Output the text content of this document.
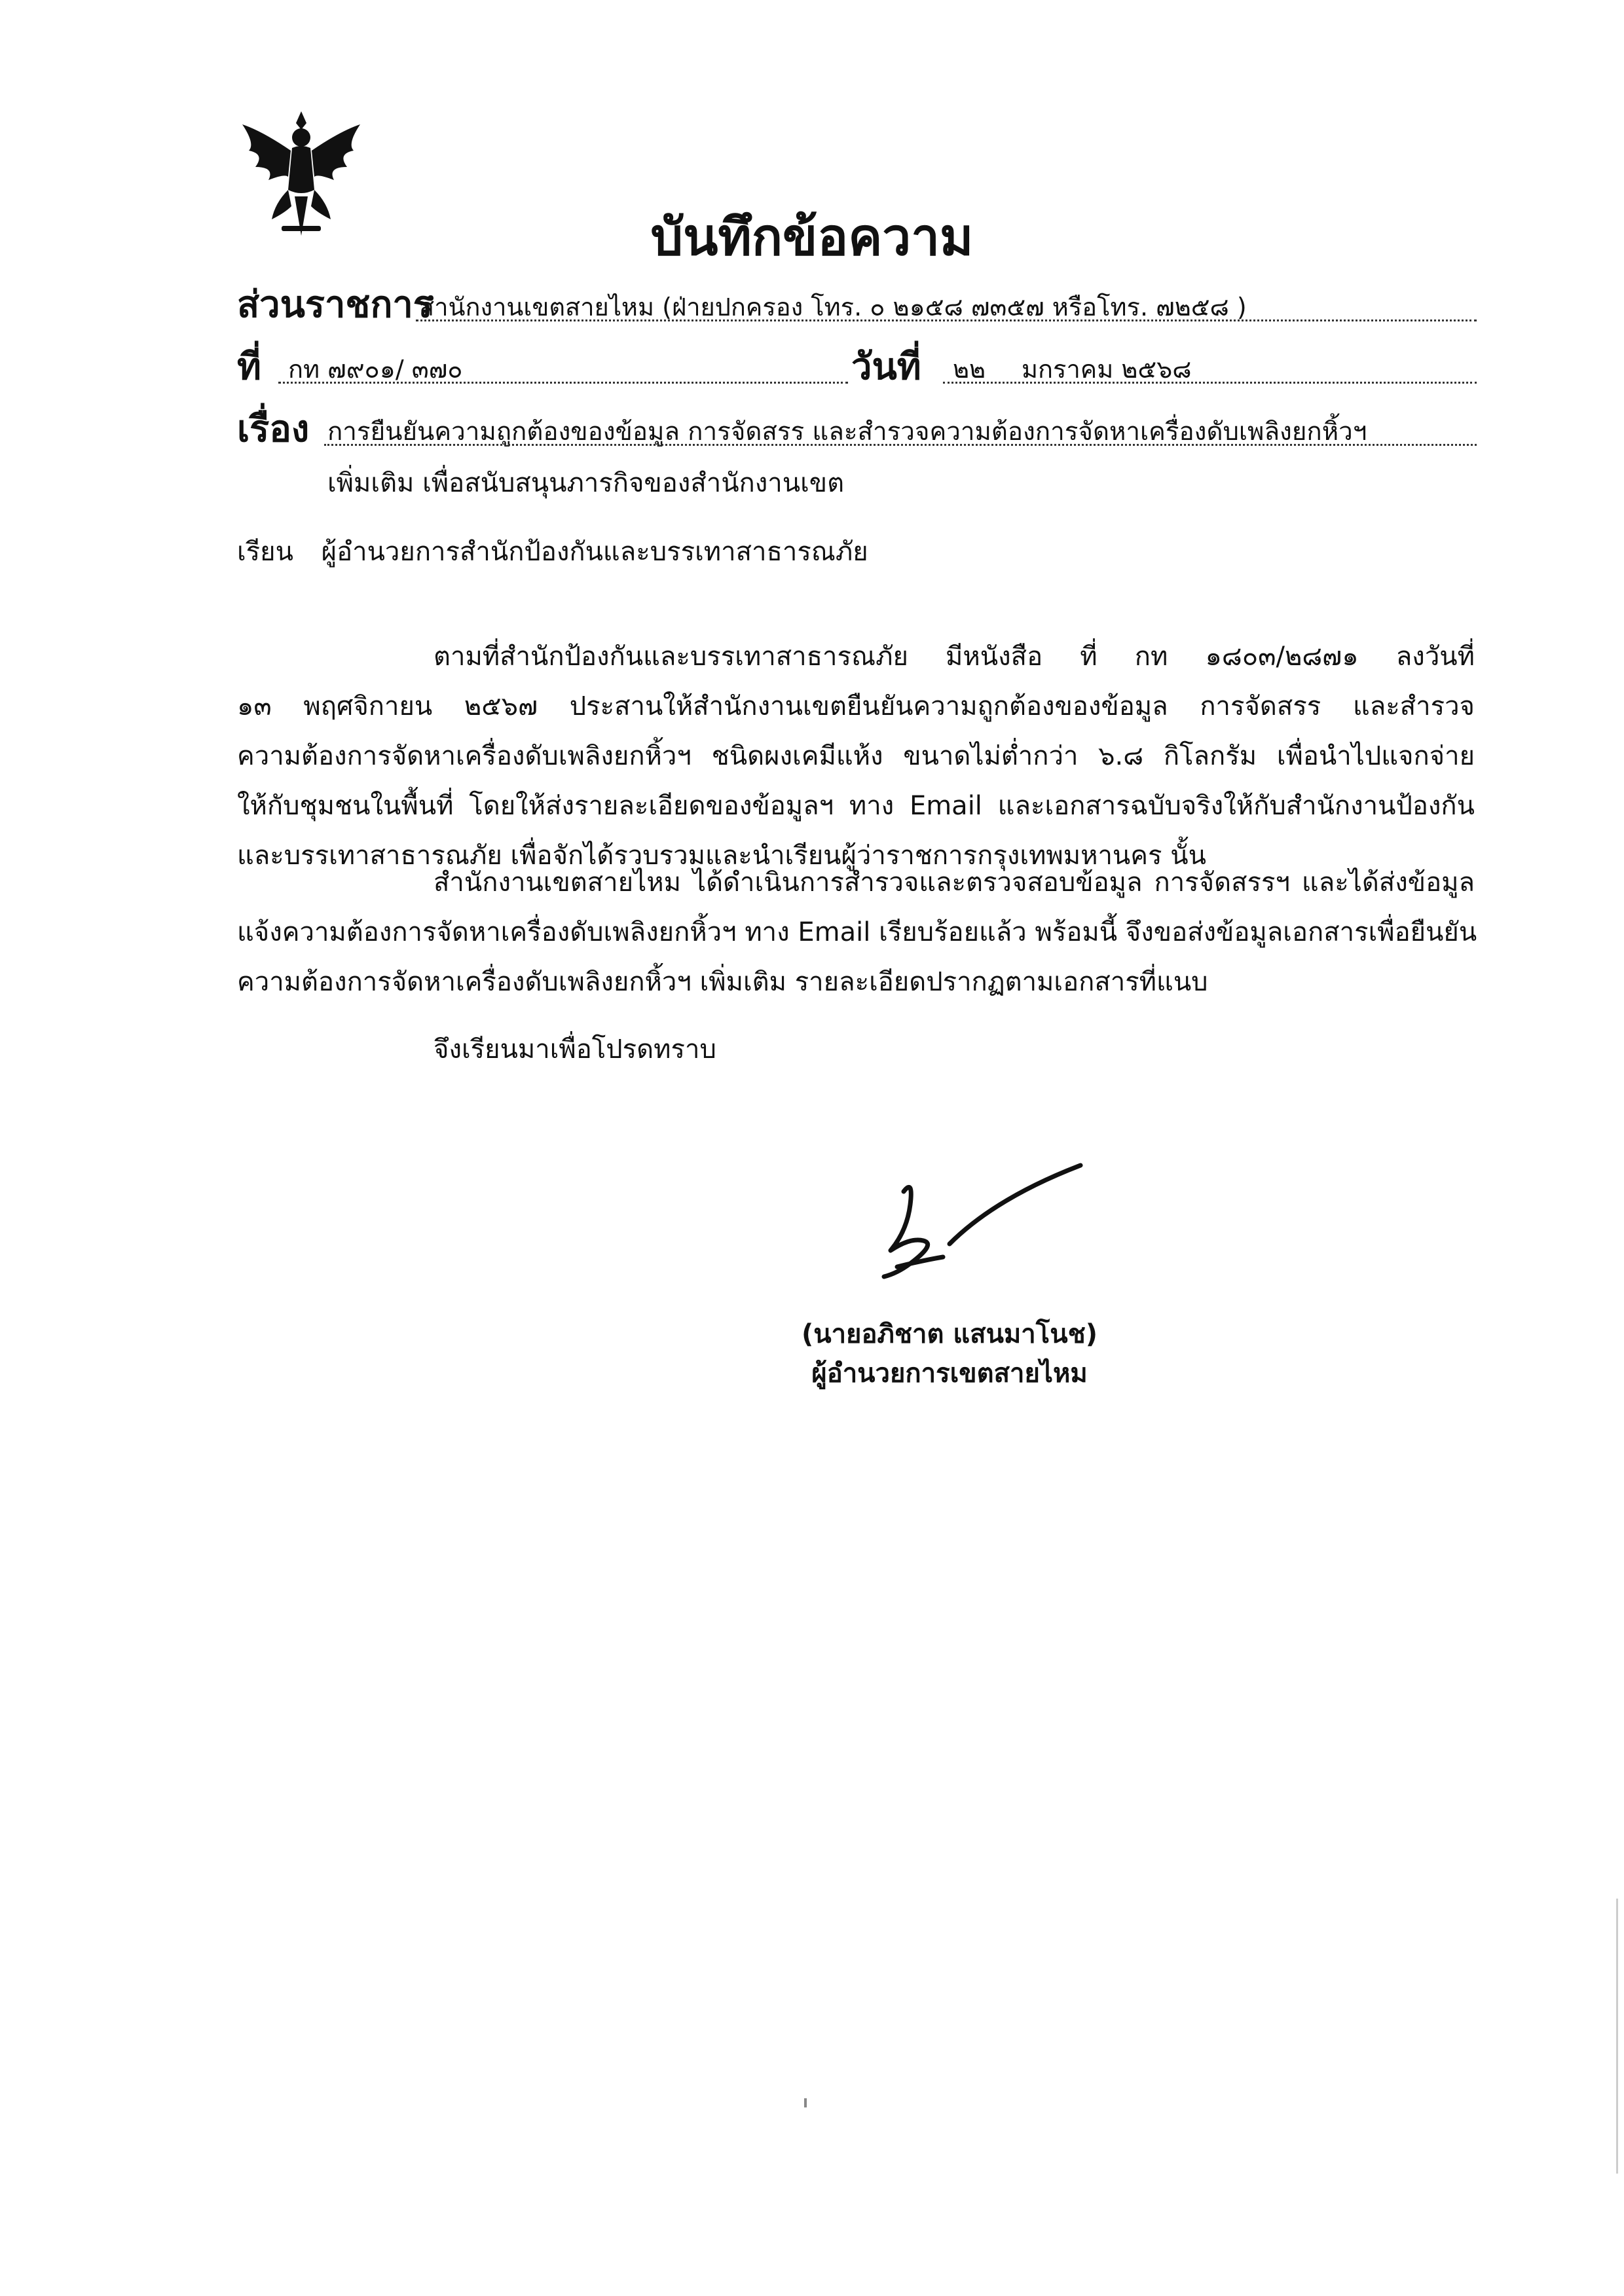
บันทึกข้อความ
ส่วนราชการ
สำนักงานเขตสายไหม (ฝ่ายปกครอง โทร. ๐ ๒๑๕๘ ๗๓๕๗ หรือโทร. ๗๒๕๘ )
ที่ กท ๗๙๐๑/ ๓๗๐	วันที่ ๒๒ มกราคม ๒๕๖๘
เรื่อง การยืนยันความถูกต้องของข้อมูล การจัดสรร และสำรวจความต้องการจัดหาเครื่องดับเพลิงยกหิ้วฯ
เพิ่มเติม เพื่อสนับสนุนภารกิจของสำนักงานเขต
เรียน ผู้อำนวยการสำนักป้องกันและบรรเทาสาธารณภัย
ตามที่สำนักป้องกันและบรรเทาสาธารณภัย มีหนังสือ ที่ กท ๑๘๐๓/๒๘๗๑ ลงวันที่
๑๓ พฤศจิกายน ๒๕๖๗ ประสานให้สำนักงานเขตยืนยันความถูกต้องของข้อมูล การจัดสรร และสำรวจ
ความต้องการจัดหาเครื่องดับเพลิงยกหิ้วฯ ชนิดผงเคมีแห้ง ขนาดไม่ต่ำกว่า ๖.๘ กิโลกรัม เพื่อนำไปแจกจ่าย
ให้กับชุมชนในพื้นที่ โดยให้ส่งรายละเอียดของข้อมูลฯ ทาง Email และเอกสารฉบับจริงให้กับสำนักงานป้องกัน
และบรรเทาสาธารณภัย เพื่อจักได้รวบรวมและนำเรียนผู้ว่าราชการกรุงเทพมหานคร นั้น
สำนักงานเขตสายไหม ได้ดำเนินการสำรวจและตรวจสอบข้อมูล การจัดสรรฯ และได้ส่งข้อมูล
แจ้งความต้องการจัดหาเครื่องดับเพลิงยกหิ้วฯ ทาง Email เรียบร้อยแล้ว พร้อมนี้ จึงขอส่งข้อมูลเอกสารเพื่อยืนยัน
ความต้องการจัดหาเครื่องดับเพลิงยกหิ้วฯ เพิ่มเติม รายละเอียดปรากฏตามเอกสารที่แนบ
จึงเรียนมาเพื่อโปรดทราบ
(นายอภิชาต แสนมาโนช)
ผู้อำนวยการเขตสายไหม
